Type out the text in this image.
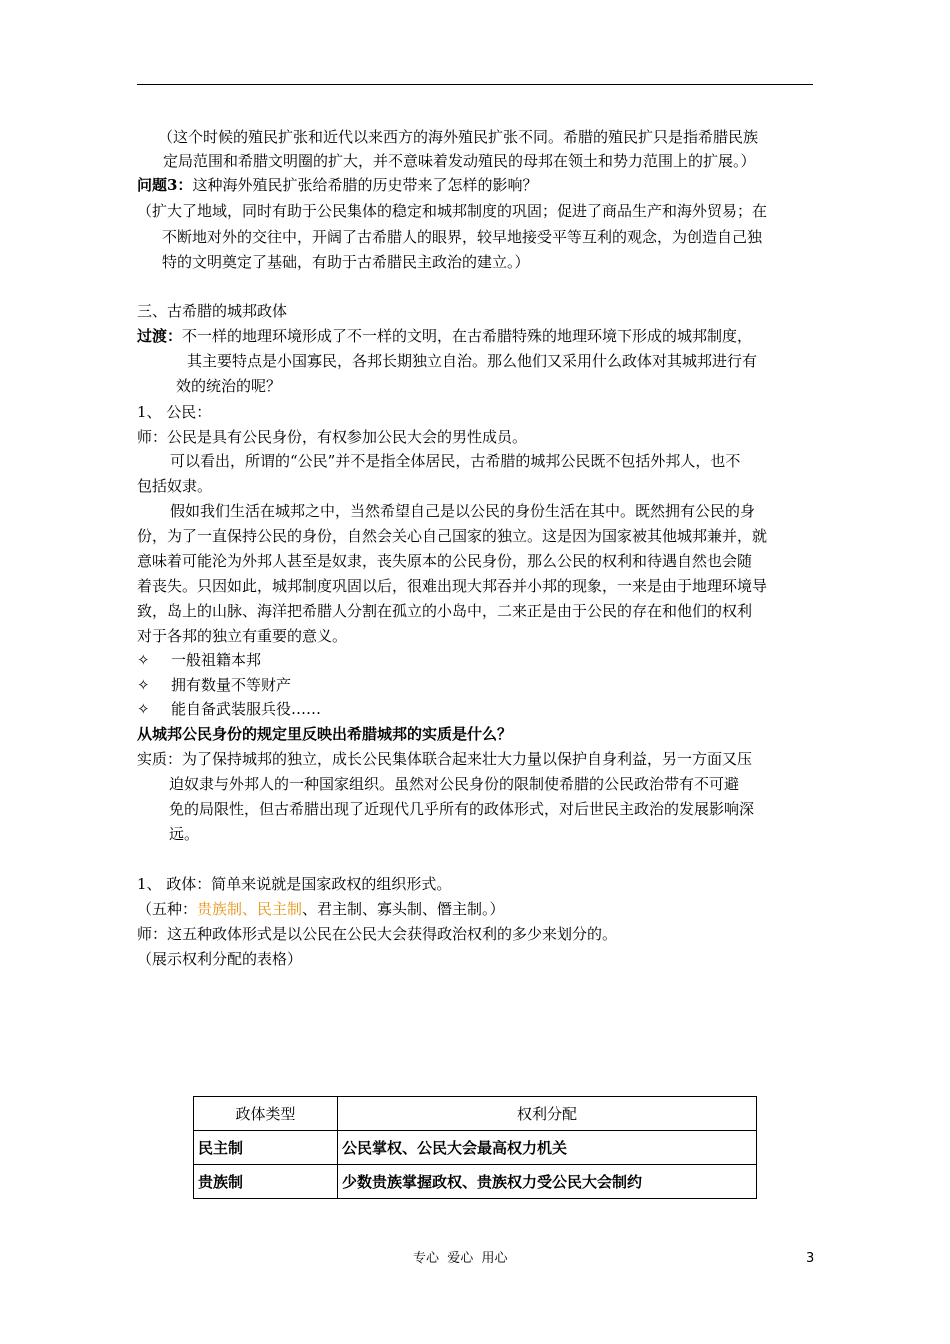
（这个时候的殖民扩张和近代以来西方的海外殖民扩张不同。希腊的殖民扩只是指希腊民族
定局范围和希腊文明圈的扩大，并不意味着发动殖民的母邦在领土和势力范围上的扩展。）
问题3：这种海外殖民扩张给希腊的历史带来了怎样的影响？
（扩大了地域，同时有助于公民集体的稳定和城邦制度的巩固；促进了商品生产和海外贸易；在
不断地对外的交往中，开阔了古希腊人的眼界，较早地接受平等互利的观念，为创造自己独
特的文明奠定了基础，有助于古希腊民主政治的建立。）
三、古希腊的城邦政体
过渡：不一样的地理环境形成了不一样的文明，在古希腊特殊的地理环境下形成的城邦制度，
其主要特点是小国寡民，各邦长期独立自治。那么他们又采用什么政体对其城邦进行有
效的统治的呢？
1、 公民：
师：公民是具有公民身份，有权参加公民大会的男性成员。
可以看出，所谓的“公民”并不是指全体居民，古希腊的城邦公民既不包括外邦人，也不
包括奴隶。
假如我们生活在城邦之中，当然希望自己是以公民的身份生活在其中。既然拥有公民的身
份，为了一直保持公民的身份，自然会关心自己国家的独立。这是因为国家被其他城邦兼并，就
意味着可能沦为外邦人甚至是奴隶，丧失原本的公民身份，那么公民的权利和待遇自然也会随
着丧失。只因如此，城邦制度巩固以后，很难出现大邦吞并小邦的现象，一来是由于地理环境导
致，岛上的山脉、海洋把希腊人分割在孤立的小岛中，二来正是由于公民的存在和他们的权利
对于各邦的独立有重要的意义。
✧ 一般祖籍本邦
✧ 拥有数量不等财产
✧ 能自备武装服兵役……
从城邦公民身份的规定里反映出希腊城邦的实质是什么？
实质：为了保持城邦的独立，成长公民集体联合起来壮大力量以保护自身利益，另一方面又压
迫奴隶与外邦人的一种国家组织。虽然对公民身份的限制使希腊的公民政治带有不可避
免的局限性，但古希腊出现了近现代几乎所有的政体形式，对后世民主政治的发展影响深
远。
1、 政体：简单来说就是国家政权的组织形式。
（五种：贵族制、民主制、君主制、寡头制、僭主制。）
师：这五种政体形式是以公民在公民大会获得政治权利的多少来划分的。
（展示权利分配的表格）
政体类型	权利分配
民主制	公民掌权、公民大会最高权力机关
贵族制	少数贵族掌握政权、贵族权力受公民大会制约
专心  爱心  用心	3
